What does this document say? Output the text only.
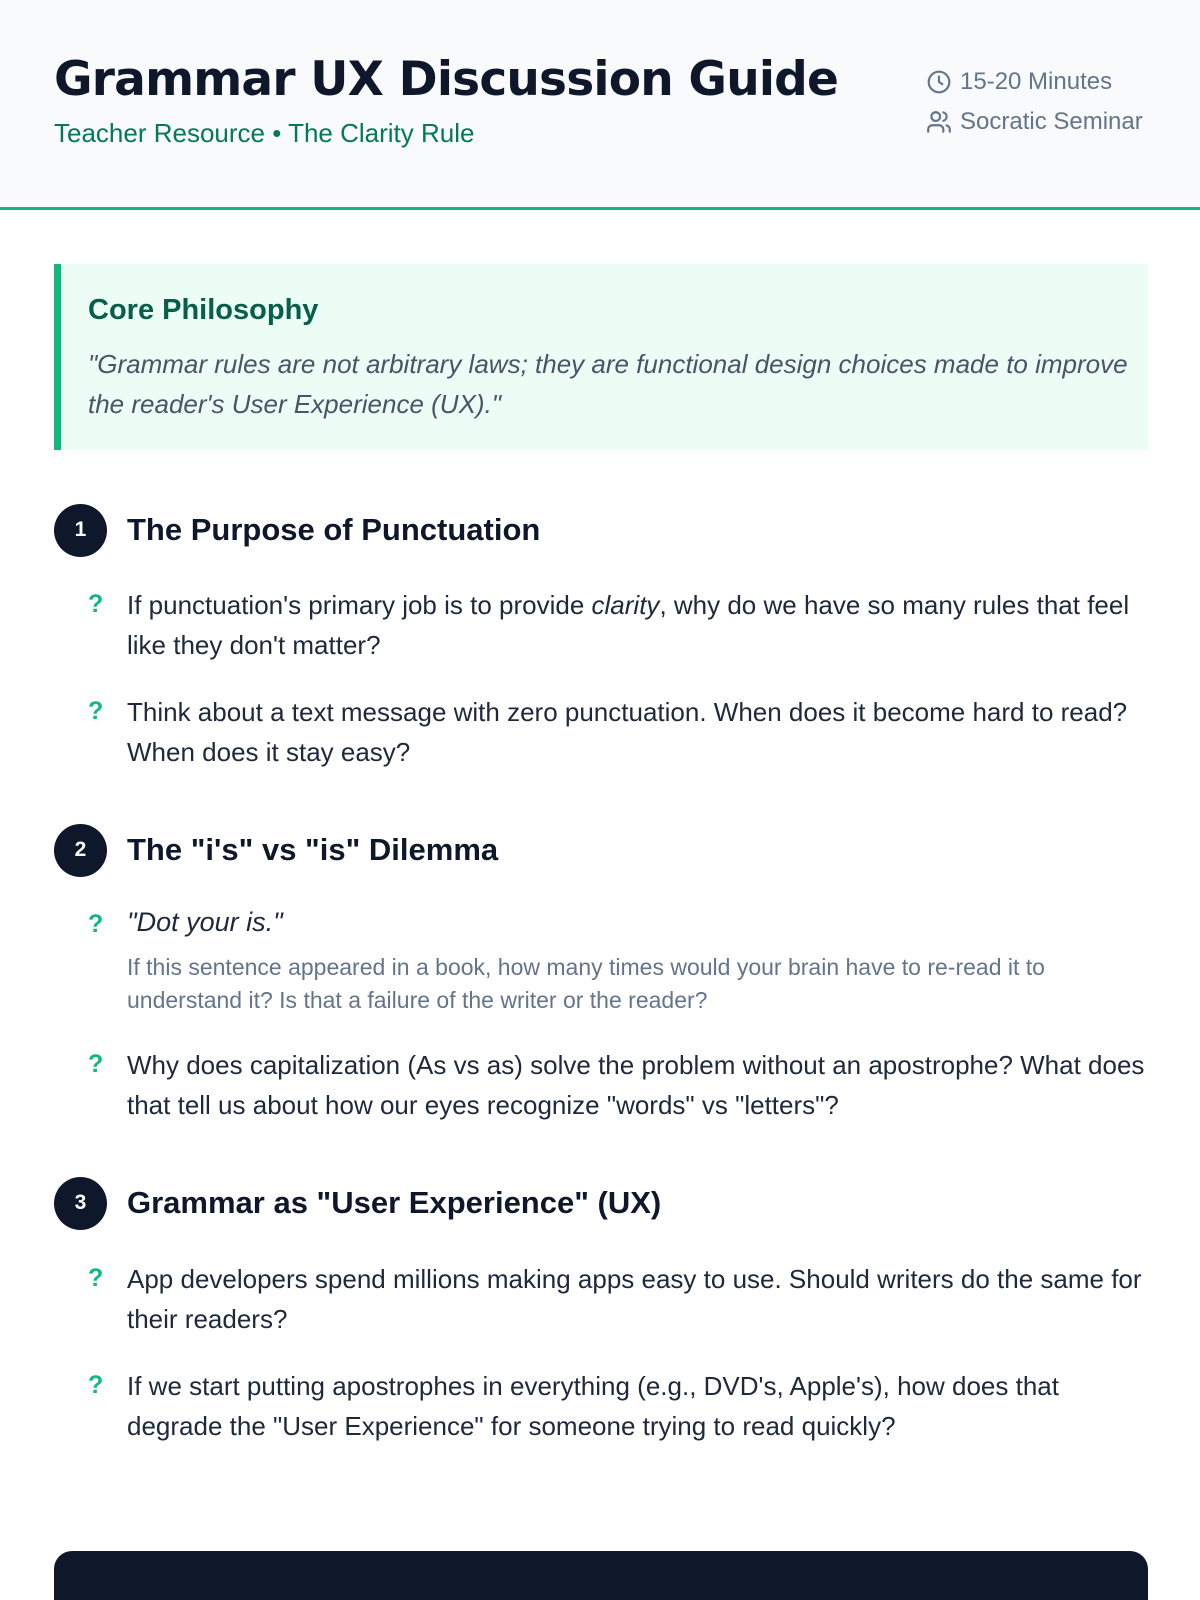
Grammar UX Discussion Guide
Teacher Resource • The Clarity Rule
15-20 Minutes
Socratic Seminar
Core Philosophy
"Grammar rules are not arbitrary laws; they are functional design choices made to improve the reader's User Experience (UX)."
1	The Purpose of Punctuation
? If punctuation's primary job is to provide clarity, why do we have so many rules that feel like they don't matter?
? Think about a text message with zero punctuation. When does it become hard to read? When does it stay easy?
2	The "i's" vs "is" Dilemma
? "Dot your is."
If this sentence appeared in a book, how many times would your brain have to re-read it to understand it? Is that a failure of the writer or the reader?
? Why does capitalization (As vs as) solve the problem without an apostrophe? What does that tell us about how our eyes recognize "words" vs "letters"?
3	Grammar as "User Experience" (UX)
? App developers spend millions making apps easy to use. Should writers do the same for their readers?
? If we start putting apostrophes in everything (e.g., DVD's, Apple's), how does that degrade the "User Experience" for someone trying to read quickly?
